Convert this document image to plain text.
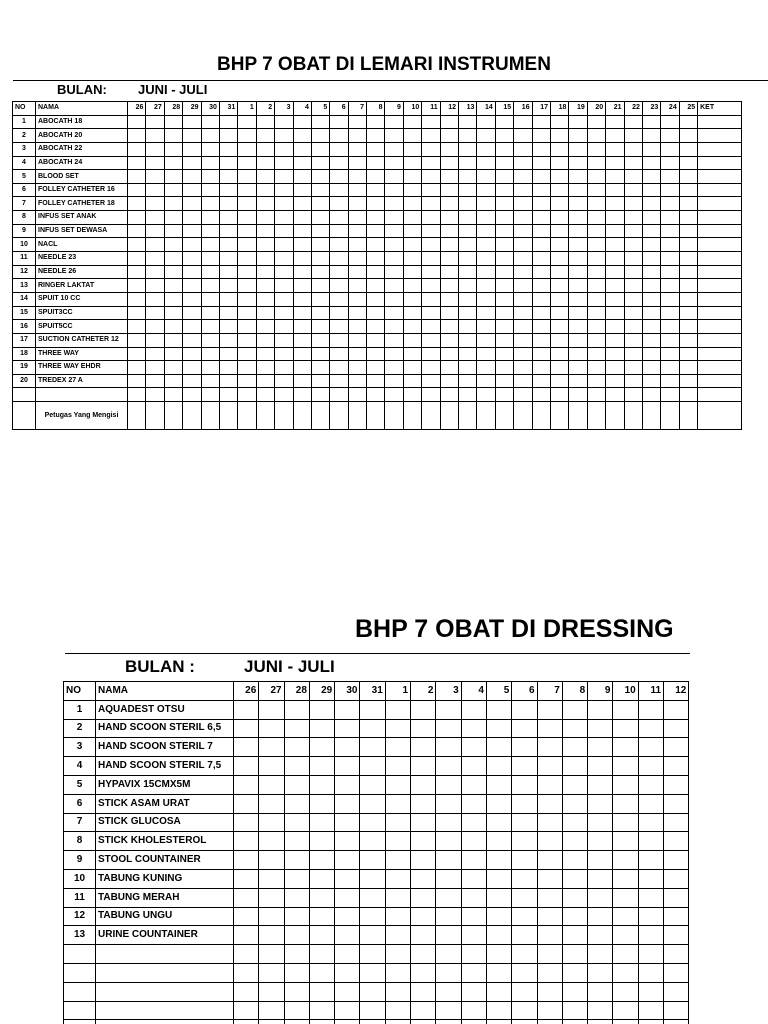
BHP 7 OBAT DI LEMARI INSTRUMEN
BULAN: JUNI - JULI
NO	NAMA	26	27	28	29	30	31	1	2	3	4	5	6	7	8	9	10	11	12	13	14	15	16	17	18	19	20	21	22	23	24	25	KET
1	ABOCATH 18																																
2	ABOCATH 20																																
3	ABOCATH 22																																
4	ABOCATH 24																																
5	BLOOD SET																																
6	FOLLEY CATHETER 16																																
7	FOLLEY CATHETER 18																																
8	INFUS SET ANAK																																
9	INFUS SET DEWASA																																
10	NACL																																
11	NEEDLE 23																																
12	NEEDLE 26																																
13	RINGER LAKTAT																																
14	SPUIT 10 CC																																
15	SPUIT3CC																																
16	SPUIT5CC																																
17	SUCTION CATHETER 12																																
18	THREE WAY																																
19	THREE WAY EHDR																																
20	TREDEX 27 A																																

	Petugas Yang Mengisi																																
BHP 7 OBAT DI DRESSING
BULAN :	JUNI - JULI
NO	NAMA	26	27	28	29	30	31	1	2	3	4	5	6	7	8	9	10	11	12
1	AQUADEST OTSU																		
2	HAND SCOON STERIL 6,5																		
3	HAND SCOON STERIL 7																		
4	HAND SCOON STERIL 7,5																		
5	HYPAVIX 15CMX5M																		
6	STICK ASAM URAT																		
7	STICK GLUCOSA																		
8	STICK KHOLESTEROL																		
9	STOOL COUNTAINER																		
10	TABUNG KUNING																		
11	TABUNG MERAH																		
12	TABUNG UNGU																		
13	URINE COUNTAINER																		
